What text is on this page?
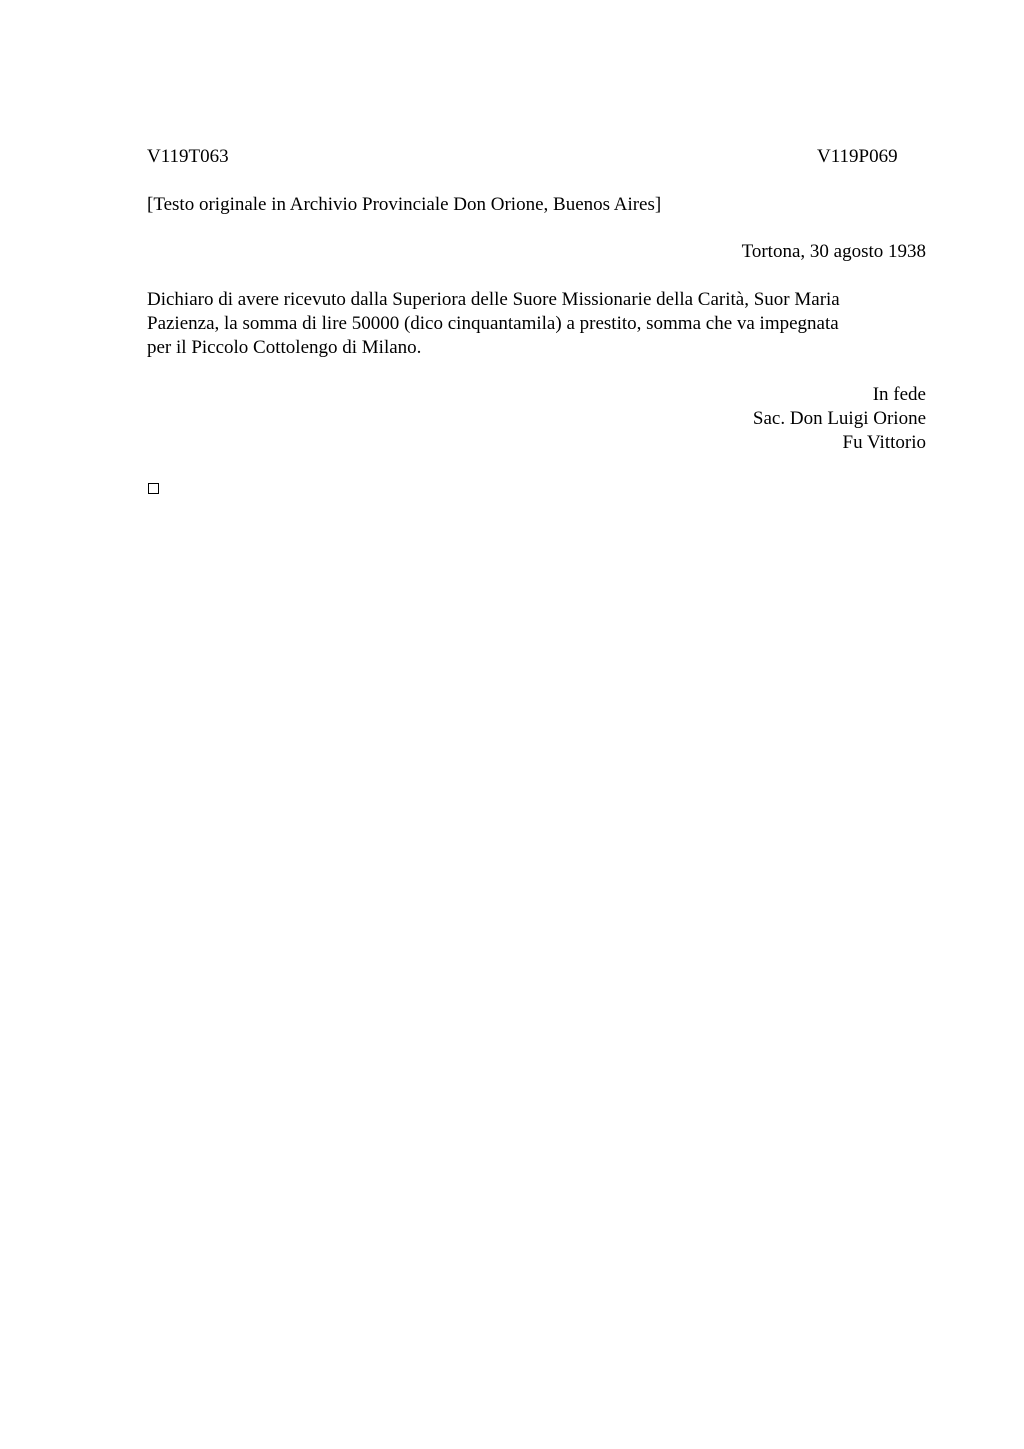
V119T063	V119P069
[Testo originale in Archivio Provinciale Don Orione, Buenos Aires]
Tortona, 30 agosto 1938
Dichiaro di avere ricevuto dalla Superiora delle Suore Missionarie della Carità, Suor Maria
Pazienza, la somma di lire 50000 (dico cinquantamila) a prestito, somma che va impegnata
per il Piccolo Cottolengo di Milano.
In fede
Sac. Don Luigi Orione
Fu Vittorio
